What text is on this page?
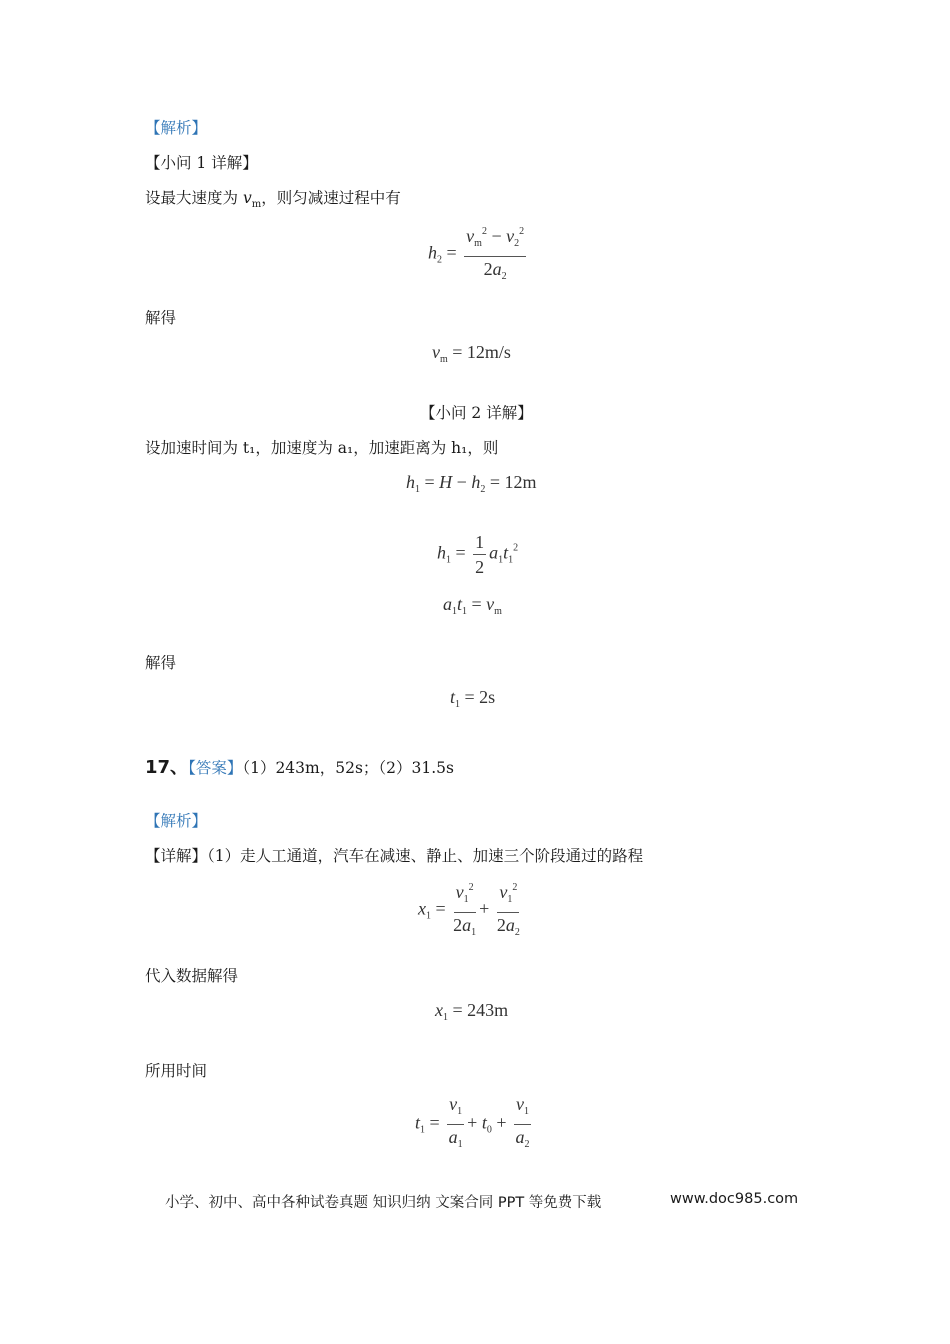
【解析】
【小问 1 详解】
设最大速度为 $v_m$，则匀减速过程中有
$h_2 = \frac{v_m^2 - v_2^2}{2a_2}$
解得
$v_m = 12m/s$
【小问 2 详解】
设加速时间为 t₁，加速度为 a₁，加速距离为 h₁，则
$h_1 = H - h_2 = 12m$
$h_1 = \frac{1}{2} a_1t_1^2$
$a_1t_1 = v_m$
解得
$t_1 = 2s$
17、【答案】（1）243m，52s；（2）31.5s
【解析】
【详解】（1）走人工通道，汽车在减速、静止、加速三个阶段通过的路程
$x_1 = \frac{v_1^2}{2a_1} + \frac{v_1^2}{2a_2}$
代入数据解得
$x_1 = 243m$
所用时间
$t_1 = \frac{v_1}{a_1} + t_0 + \frac{v_1}{a_2}$
小学、初中、高中各种试卷真题 知识归纳 文案合同 PPT 等免费下载	www.doc985.com
